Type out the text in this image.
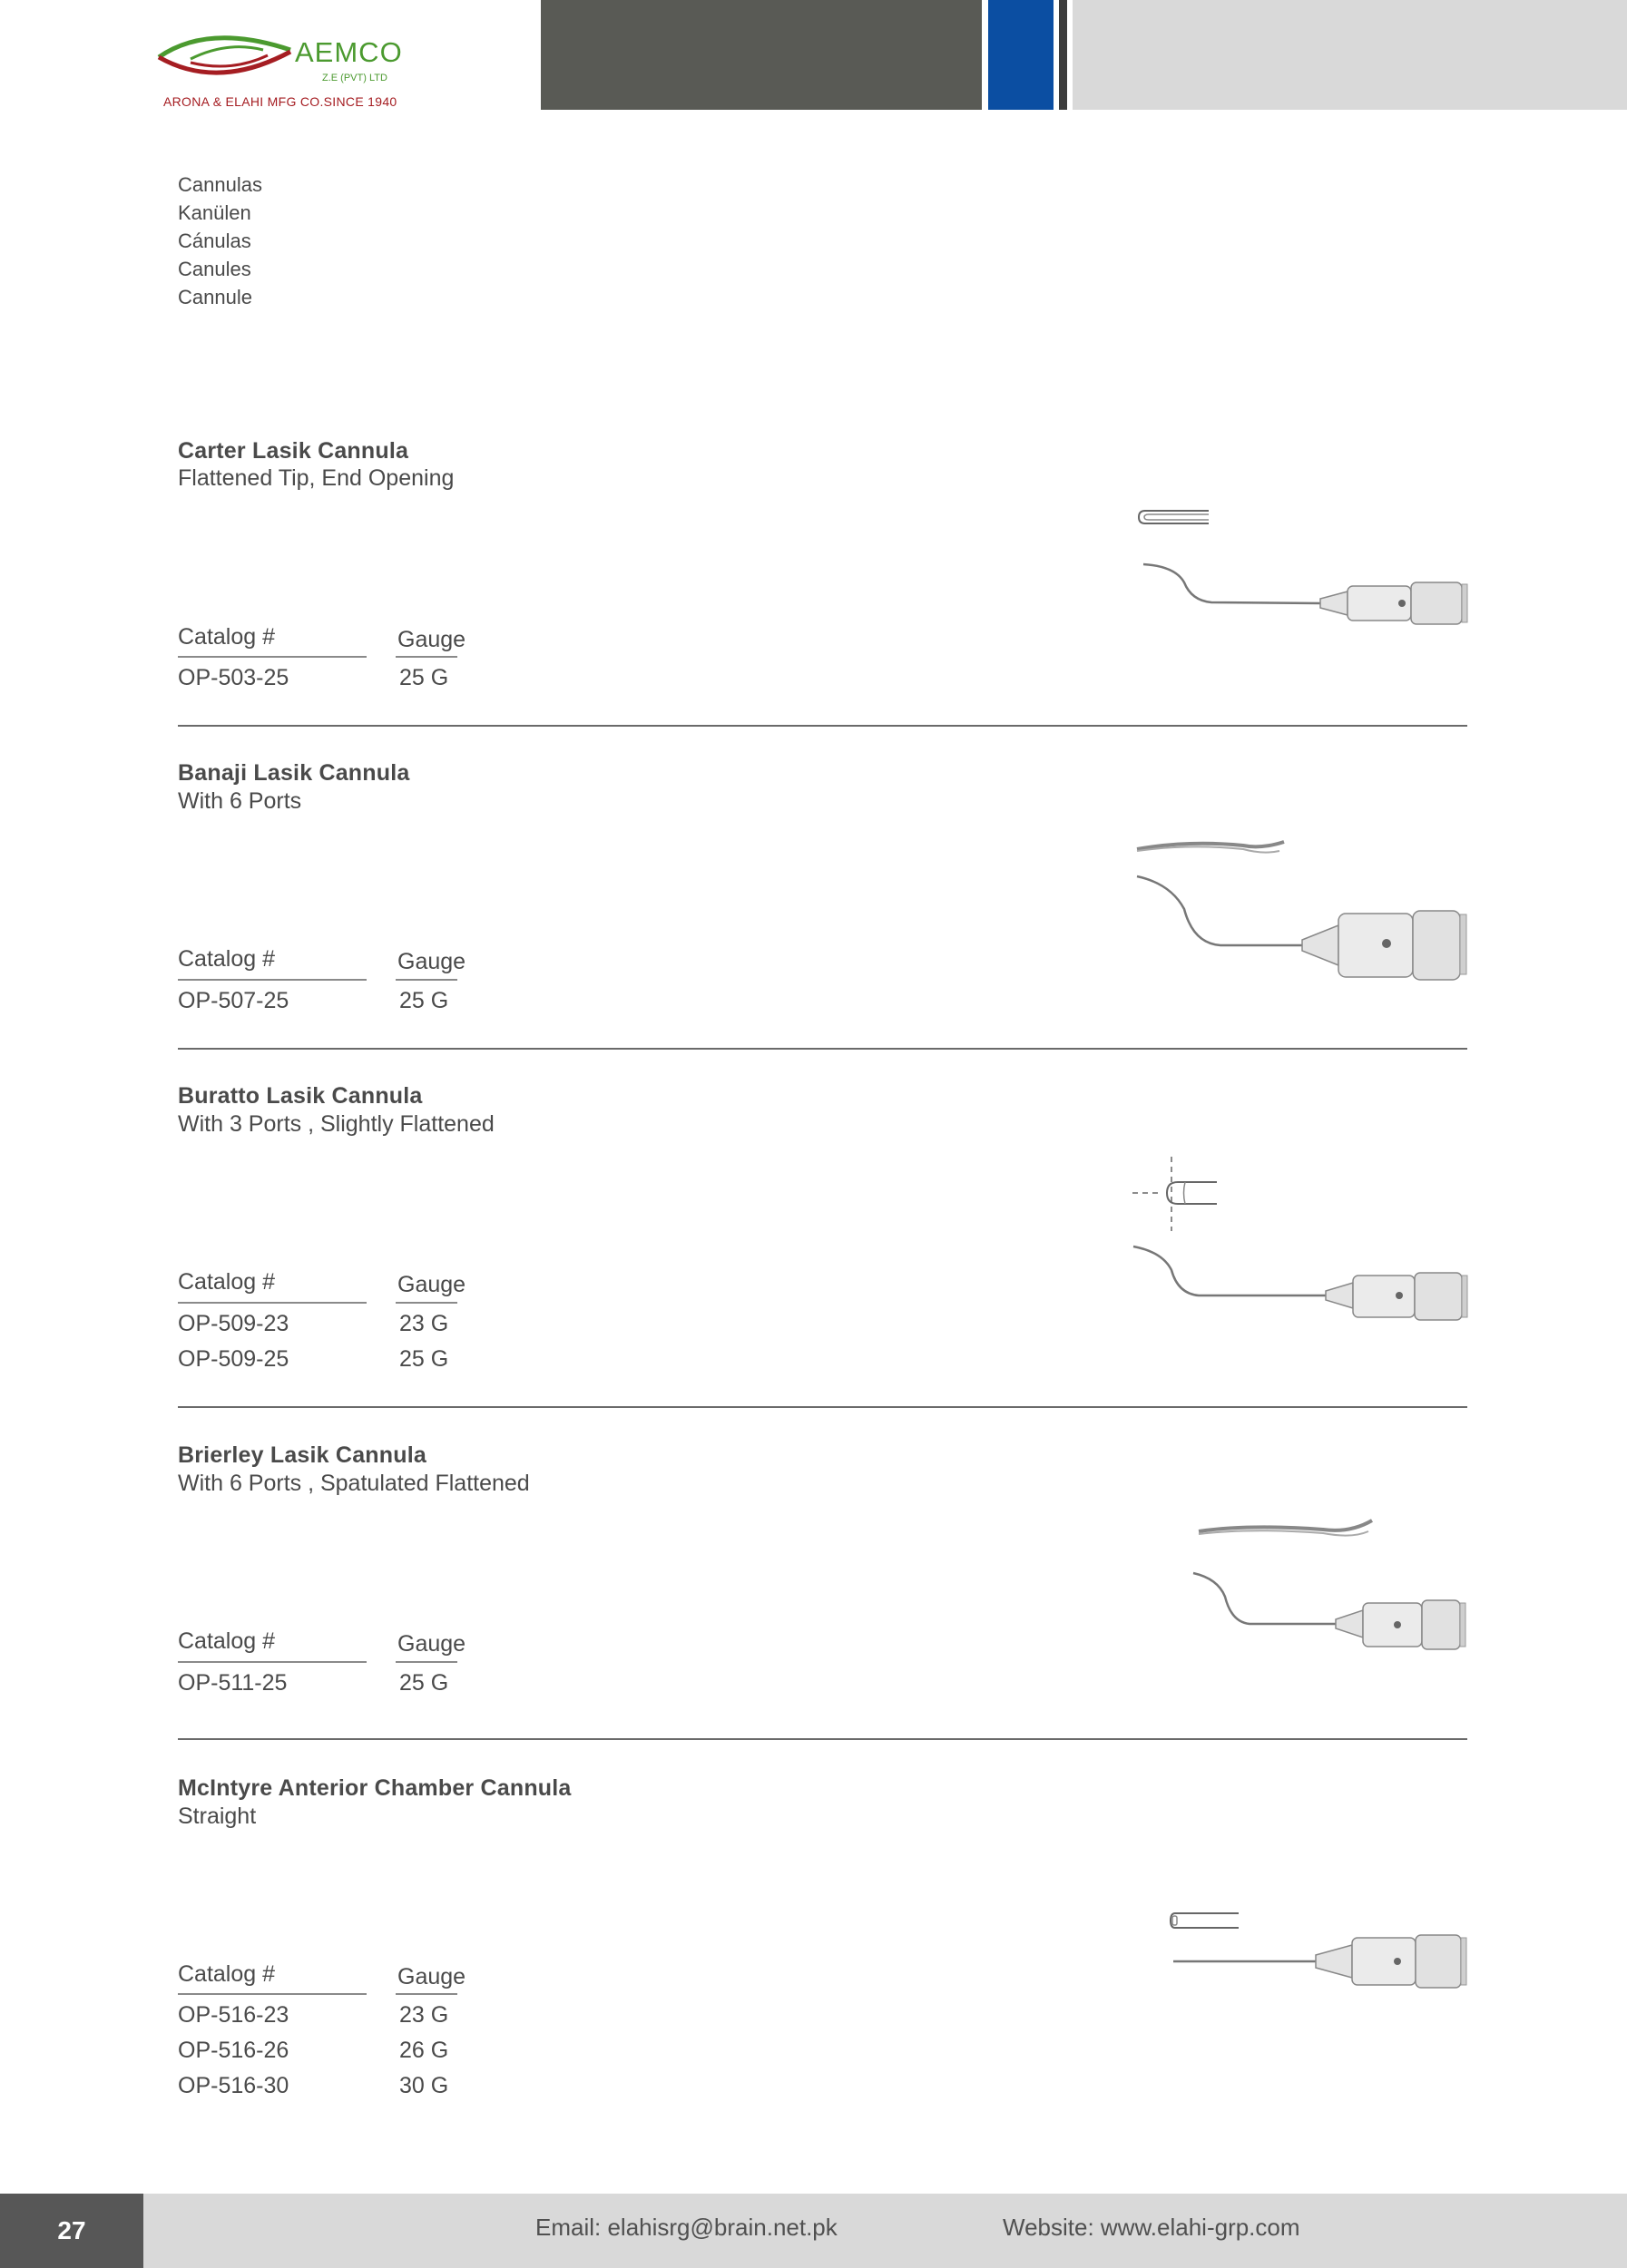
AEMCO
Z.E (PVT) LTD
ARONA & ELAHI MFG CO.SINCE 1940
Cannulas
Kanülen
Cánulas
Canules
Cannule
Carter Lasik Cannula
Flattened Tip, End Opening
Catalog #	Gauge
OP-503-25	25 G
Banaji Lasik Cannula
With 6 Ports
Catalog #	Gauge
OP-507-25	25 G
Buratto Lasik Cannula
With 3 Ports , Slightly Flattened
Catalog #	Gauge
OP-509-23	23 G
OP-509-25	25 G
Brierley Lasik Cannula
With 6 Ports , Spatulated Flattened
Catalog #	Gauge
OP-511-25	25 G
McIntyre Anterior Chamber Cannula
Straight
Catalog #	Gauge
OP-516-23	23 G
OP-516-26	26 G
OP-516-30	30 G
27	Email: elahisrg@brain.net.pk	Website: www.elahi-grp.com
